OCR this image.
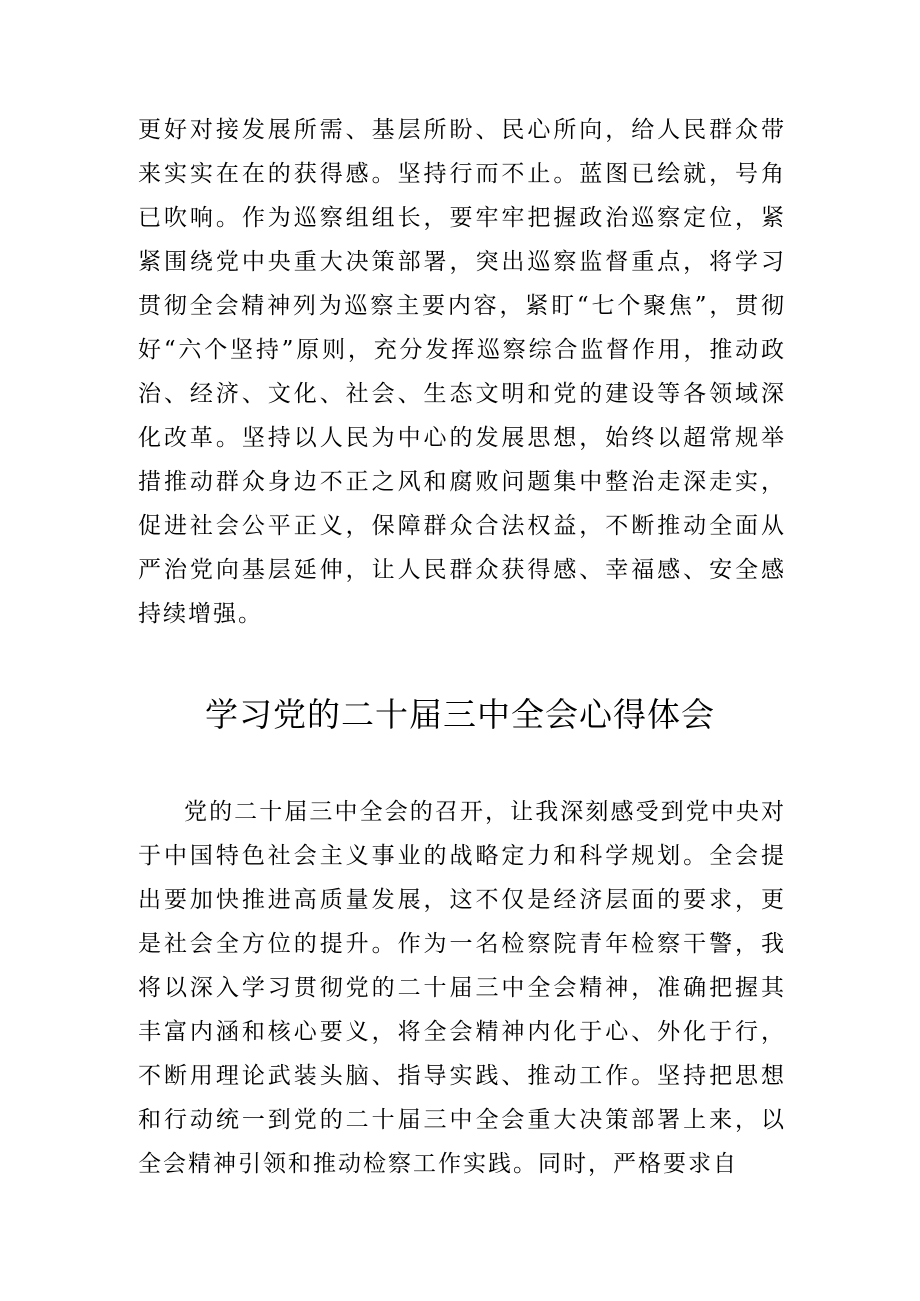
更好对接发展所需、基层所盼、民心所向，给人民群众带来实实在在的获得感。坚持行而不止。蓝图已绘就，号角已吹响。作为巡察组组长，要牢牢把握政治巡察定位，紧紧围绕党中央重大决策部署，突出巡察监督重点，将学习贯彻全会精神列为巡察主要内容，紧盯“七个聚焦”，贯彻好“六个坚持”原则，充分发挥巡察综合监督作用，推动政治、经济、文化、社会、生态文明和党的建设等各领域深化改革。坚持以人民为中心的发展思想，始终以超常规举措推动群众身边不正之风和腐败问题集中整治走深走实，促进社会公平正义，保障群众合法权益，不断推动全面从严治党向基层延伸，让人民群众获得感、幸福感、安全感持续增强。

学习党的二十届三中全会心得体会

党的二十届三中全会的召开，让我深刻感受到党中央对于中国特色社会主义事业的战略定力和科学规划。全会提出要加快推进高质量发展，这不仅是经济层面的要求，更是社会全方位的提升。作为一名检察院青年检察干警，我将以深入学习贯彻党的二十届三中全会精神，准确把握其丰富内涵和核心要义，将全会精神内化于心、外化于行，不断用理论武装头脑、指导实践、推动工作。坚持把思想和行动统一到党的二十届三中全会重大决策部署上来，以全会精神引领和推动检察工作实践。同时，严格要求自
